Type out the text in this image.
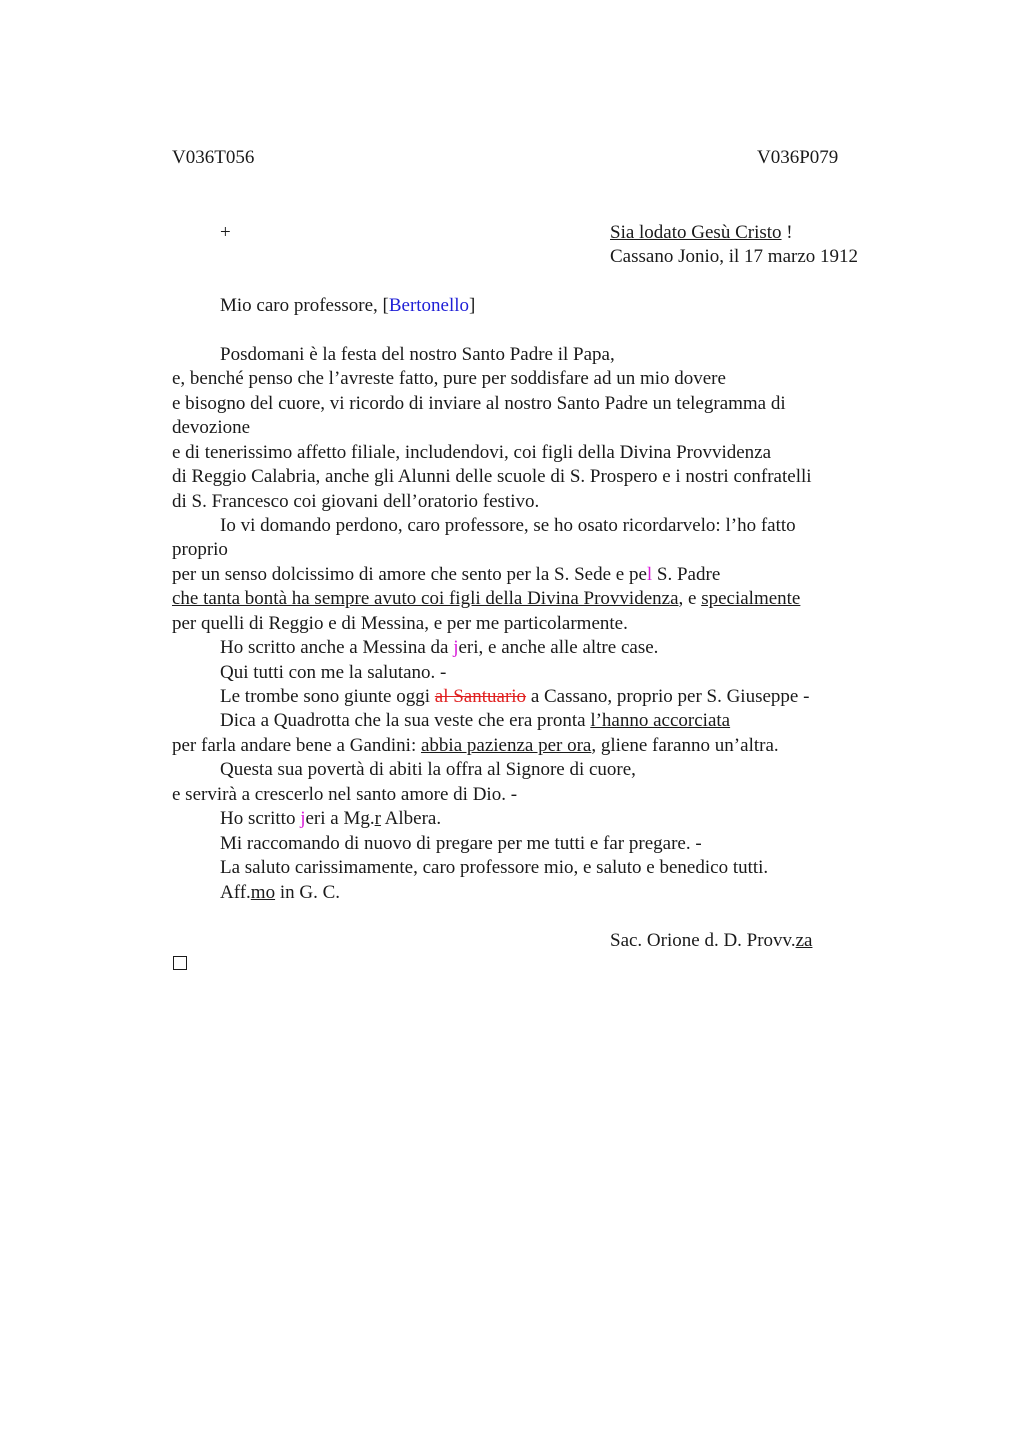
V036T056	V036P079
+	Sia lodato Gesù Cristo !
Cassano Jonio, il 17 marzo 1912
Mio caro professore, [Bertonello]
Posdomani è la festa del nostro Santo Padre il Papa,
e, benché penso che l’avreste fatto, pure per soddisfare ad un mio dovere
e bisogno del cuore, vi ricordo di inviare al nostro Santo Padre un telegramma di
devozione
e di tenerissimo affetto filiale, includendovi, coi figli della Divina Provvidenza
di Reggio Calabria, anche gli Alunni delle scuole di S. Prospero e i nostri confratelli
di S. Francesco coi giovani dell’oratorio festivo.
Io vi domando perdono, caro professore, se ho osato ricordarvelo: l’ho fatto
proprio
per un senso dolcissimo di amore che sento per la S. Sede e pel S. Padre
che tanta bontà ha sempre avuto coi figli della Divina Provvidenza, e specialmente
per quelli di Reggio e di Messina, e per me particolarmente.
Ho scritto anche a Messina da jeri, e anche alle altre case.
Qui tutti con me la salutano. -
Le trombe sono giunte oggi al Santuario a Cassano, proprio per S. Giuseppe -
Dica a Quadrotta che la sua veste che era pronta l’hanno accorciata
per farla andare bene a Gandini: abbia pazienza per ora, gliene faranno un’altra.
Questa sua povertà di abiti la offra al Signore di cuore,
e servirà a crescerlo nel santo amore di Dio. -
Ho scritto jeri a Mg.r Albera.
Mi raccomando di nuovo di pregare per me tutti e far pregare. -
La saluto carissimamente, caro professore mio, e saluto e benedico tutti.
Aff.mo in G. C.
Sac. Orione d. D. Provv.za
